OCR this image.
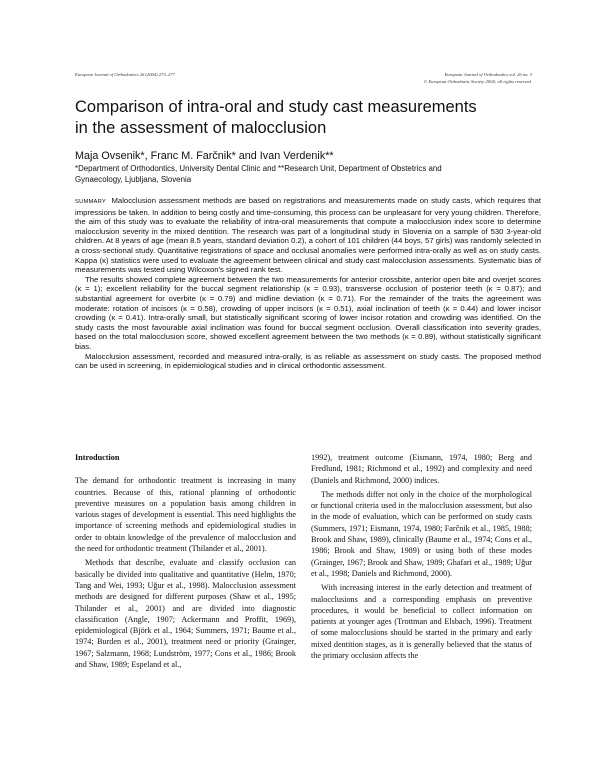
European Journal of Orthodontics 26 (2004) 273–277	European Journal of Orthodontics vol. 26 no. 3
© European Orthodontic Society 2004; all rights reserved.
Comparison of intra-oral and study cast measurements
in the assessment of malocclusion
Maja Ovsenik*, Franc M. Farčnik* and Ivan Verdenik**
*Department of Orthodontics, University Dental Clinic and **Research Unit, Department of Obstetrics and
Gynaecology, Ljubljana, Slovenia

SUMMARY Malocclusion assessment methods are based on registrations and measurements made on study casts, which requires that impressions be taken. In addition to being costly and time-consuming, this process can be unpleasant for very young children. Therefore, the aim of this study was to evaluate the reliability of intra-oral measurements that compute a malocclusion index score to determine malocclusion severity in the mixed dentition. The research was part of a longitudinal study in Slovenia on a sample of 530 3-year-old children. At 8 years of age (mean 8.5 years, standard deviation 0.2), a cohort of 101 children (44 boys, 57 girls) was randomly selected in a cross-sectional study. Quantitative registrations of space and occlusal anomalies were performed intra-orally as well as on study casts. Kappa (κ) statistics were used to evaluate the agreement between clinical and study cast malocclusion assessments. Systematic bias of measurements was tested using Wilcoxon's signed rank test.

The results showed complete agreement between the two measurements for anterior crossbite, anterior open bite and overjet scores (κ = 1); excellent reliability for the buccal segment relationship (κ = 0.93), transverse occlusion of posterior teeth (κ = 0.87); and substantial agreement for overbite (κ = 0.79) and midline deviation (κ = 0.71). For the remainder of the traits the agreement was moderate: rotation of incisors (κ = 0.58), crowding of upper incisors (κ = 0.51), axial inclination of teeth (κ = 0.44) and lower incisor crowding (κ = 0.41). Intra-orally small, but statistically significant scoring of lower incisor rotation and crowding was identified. On the study casts the most favourable axial inclination was found for buccal segment occlusion. Overall classification into severity grades, based on the total malocclusion score, showed excellent agreement between the two methods (κ = 0.89), without statistically significant bias.

Malocclusion assessment, recorded and measured intra-orally, is as reliable as assessment on study casts. The proposed method can be used in screening, in epidemiological studies and in clinical orthodontic assessment.

Introduction

The demand for orthodontic treatment is increasing in many countries. Because of this, rational planning of orthodontic preventive measures on a population basis among children in various stages of development is essential. This need highlights the importance of screening methods and epidemiological studies in order to obtain knowledge of the prevalence of malocclusion and the need for orthodontic treatment (Thilander et al., 2001).

Methods that describe, evaluate and classify occlusion can basically be divided into qualitative and quantitative (Helm, 1970; Tang and Wei, 1993; Uğur et al., 1998). Malocclusion assessment methods are designed for different purposes (Shaw et al., 1995; Thilander et al., 2001) and are divided into diagnostic classification (Angle, 1907; Ackermann and Proffit, 1969), epidemiological (Björk et al., 1964; Summers, 1971; Baume et al., 1974; Burden et al., 2001), treatment need or priority (Grainger, 1967; Salzmann, 1968; Lundström, 1977; Cons et al., 1986; Brook and Shaw, 1989; Espeland et al.,

1992), treatment outcome (Eismann, 1974, 1980; Berg and Fredlund, 1981; Richmond et al., 1992) and complexity and need (Daniels and Richmond, 2000) indices.

The methods differ not only in the choice of the morphological or functional criteria used in the malocclusion assessment, but also in the mode of evaluation, which can be performed on study casts (Summers, 1971; Eismann, 1974, 1980; Farčnik et al., 1985, 1988; Brook and Shaw, 1989), clinically (Baume et al., 1974; Cons et al., 1986; Brook and Shaw, 1989) or using both of these modes (Grainger, 1967; Brook and Shaw, 1989; Ghafari et al., 1989; Uğur et al., 1998; Daniels and Richmond, 2000).

With increasing interest in the early detection and treatment of malocclusions and a corresponding emphasis on preventive procedures, it would be beneficial to collect information on patients at younger ages (Trottman and Elsbach, 1996). Treatment of some malocclusions should be started in the primary and early mixed dentition stages, as it is generally believed that the status of the primary occlusion affects the
